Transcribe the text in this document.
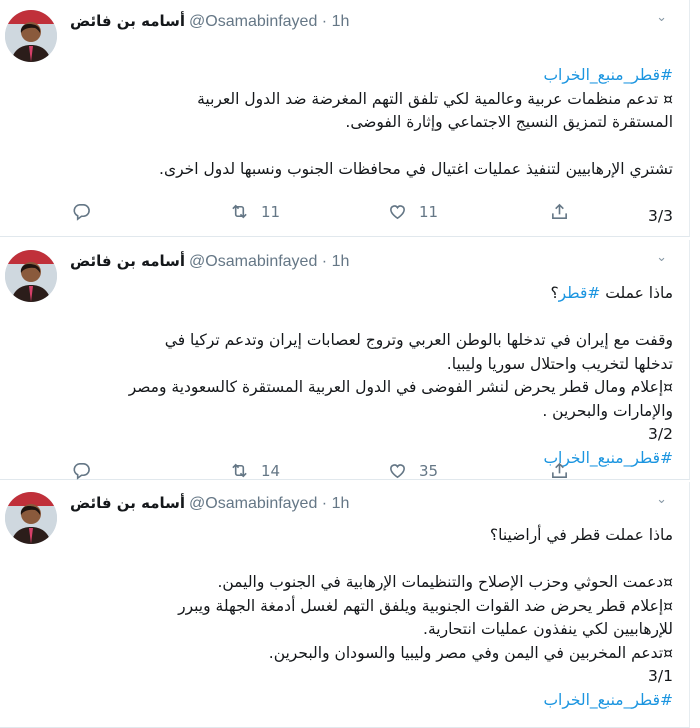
أسامه بن فائض @Osamabinfayed · 1h	⌄
#قطر_منبع_الخراب
¤ تدعم منظمات عربية وعالمية لكي تلفق التهم المغرضة ضد الدول العربية
المستقرة لتمزيق النسيج الاجتماعي وإثارة الفوضى.
تشتري الإرهابيين لتنفيذ عمليات اغتيال في محافظات الجنوب ونسبها لدول اخرى.
3/3
11	11
أسامه بن فائض @Osamabinfayed · 1h	⌄
ماذا عملت #قطر؟
وقفت مع إيران في تدخلها بالوطن العربي وتروج لعصابات إيران وتدعم تركيا في
تدخلها لتخريب واحتلال سوريا وليبيا.
¤إعلام ومال قطر يحرض لنشر الفوضى في الدول العربية المستقرة كالسعودية ومصر
والإمارات والبحرين .
3/2
#قطر_منبع_الخراب
14	35
أسامه بن فائض @Osamabinfayed · 1h	⌄
ماذا عملت قطر في أراضينا؟
¤دعمت الحوثي وحزب الإصلاح والتنظيمات الإرهابية في الجنوب واليمن.
¤إعلام قطر يحرض ضد القوات الجنوبية ويلفق التهم لغسل أدمغة الجهلة ويبرر
للإرهابيين لكي ينفذون عمليات انتحارية.
¤تدعم المخربين في اليمن وفي مصر وليبيا والسودان والبحرين.
3/1
#قطر_منبع_الخراب
